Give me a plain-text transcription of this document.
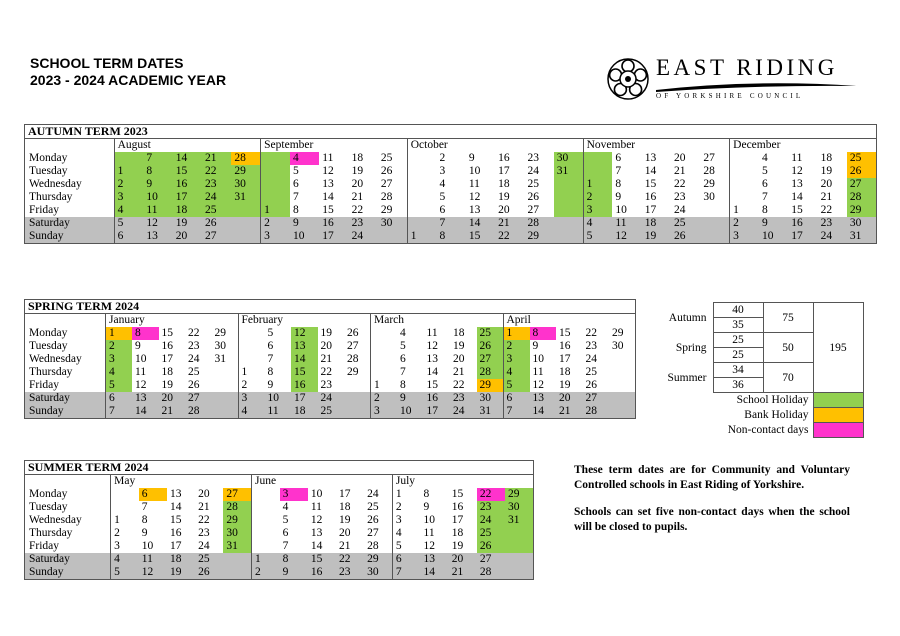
SCHOOL TERM DATES
2023 - 2024 ACADEMIC YEAR	EAST RIDING
OF YORKSHIRE COUNCIL
AUTUMN TERM 2023																										
	August					September					October						November					December				
Monday		7	14	21	28		4	11	18	25		2	9	16	23	30		6	13	20	27		4	11	18	25
Tuesday	1	8	15	22	29		5	12	19	26		3	10	17	24	31		7	14	21	28		5	12	19	26
Wednesday	2	9	16	23	30		6	13	20	27		4	11	18	25		1	8	15	22	29		6	13	20	27
Thursday	3	10	17	24	31		7	14	21	28		5	12	19	26		2	9	16	23	30		7	14	21	28
Friday	4	11	18	25		1	8	15	22	29		6	13	20	27		3	10	17	24		1	8	15	22	29
Saturday	5	12	19	26		2	9	16	23	30		7	14	21	28		4	11	18	25		2	9	16	23	30
Sunday	6	13	20	27		3	10	17	24		1	8	15	22	29		5	12	19	26		3	10	17	24	31
SPRING TERM 2024																				
	January					February					March					April				
Monday	1	8	15	22	29		5	12	19	26		4	11	18	25	1	8	15	22	29
Tuesday	2	9	16	23	30		6	13	20	27		5	12	19	26	2	9	16	23	30
Wednesday	3	10	17	24	31		7	14	21	28		6	13	20	27	3	10	17	24	
Thursday	4	11	18	25		1	8	15	22	29		7	14	21	28	4	11	18	25	
Friday	5	12	19	26		2	9	16	23		1	8	15	22	29	5	12	19	26	
Saturday	6	13	20	27		3	10	17	24		2	9	16	23	30	6	13	20	27	
Sunday	7	14	21	28		4	11	18	25		3	10	17	24	31	7	14	21	28	
SUMMER TERM 2024															
	May					June					July				
Monday		6	13	20	27		3	10	17	24	1	8	15	22	29
Tuesday		7	14	21	28		4	11	18	25	2	9	16	23	30
Wednesday	1	8	15	22	29		5	12	19	26	3	10	17	24	31
Thursday	2	9	16	23	30		6	13	20	27	4	11	18	25	
Friday	3	10	17	24	31		7	14	21	28	5	12	19	26	
Saturday	4	11	18	25		1	8	15	22	29	6	13	20	27	
Sunday	5	12	19	26		2	9	16	23	30	7	14	21	28	
Autumn	40	75	195
	35		
Spring	25	50	
	25		
Summer	34	70	
	36		
School Holiday			
Bank Holiday			
Non-contact days			

These term dates are for Community and Voluntary Controlled schools in East Riding of Yorkshire.

Schools can set five non-contact days when the school will be closed to pupils.
